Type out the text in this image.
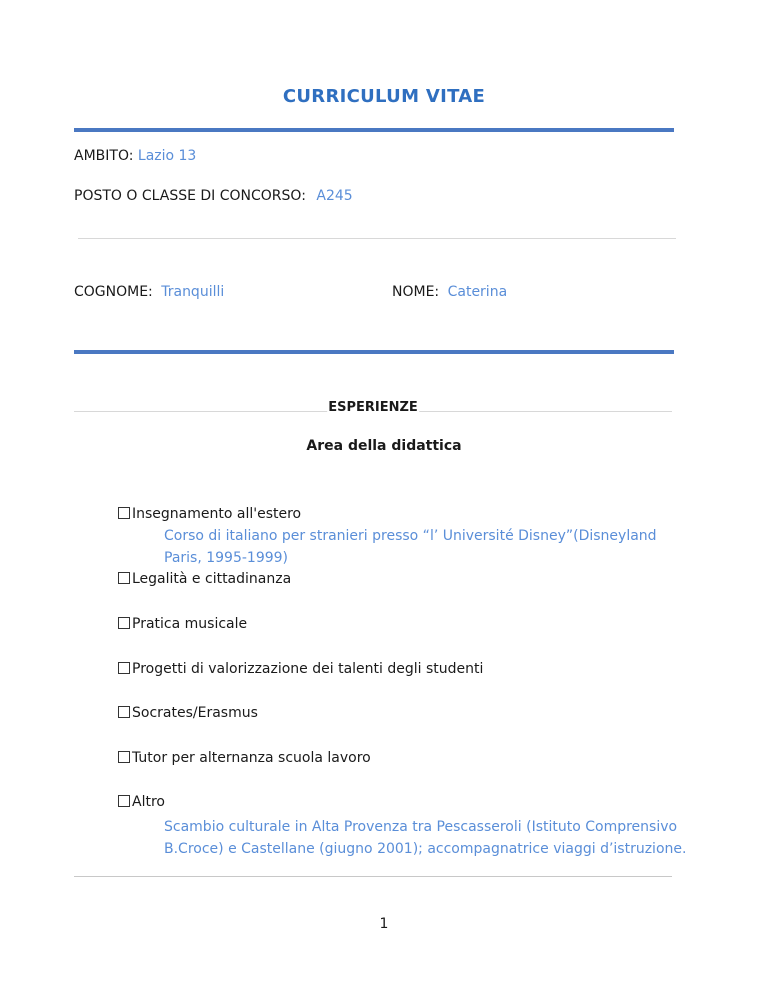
CURRICULUM VITAE
AMBITO: Lazio 13
POSTO O CLASSE DI CONCORSO: A245
COGNOME: Tranquilli	NOME: Caterina
ESPERIENZE
Area della didattica
Insegnamento all'estero
Corso di italiano per stranieri presso “l’ Université Disney”(Disneyland
Paris, 1995-1999)
Legalità e cittadinanza
Pratica musicale
Progetti di valorizzazione dei talenti degli studenti
Socrates/Erasmus
Tutor per alternanza scuola lavoro
Altro
Scambio culturale in Alta Provenza tra Pescasseroli (Istituto Comprensivo
B.Croce) e Castellane (giugno 2001); accompagnatrice viaggi d’istruzione.
1
